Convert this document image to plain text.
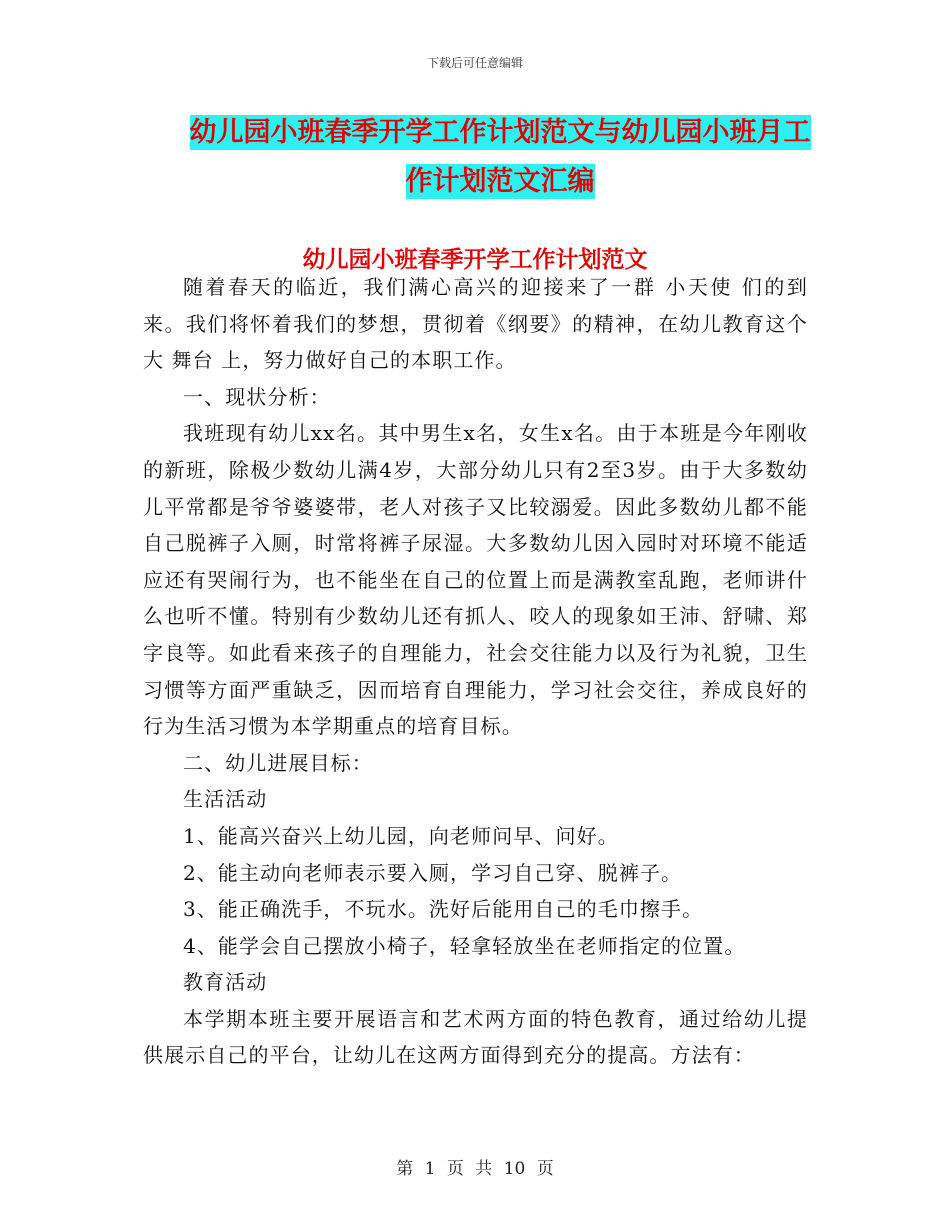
下载后可任意编辑
幼儿园小班春季开学工作计划范文与幼儿园小班月工
作计划范文汇编
幼儿园小班春季开学工作计划范文

随着春天的临近，我们满心高兴的迎接来了一群 小天使 们的到来。我们将怀着我们的梦想，贯彻着《纲要》的精神，在幼儿教育这个大 舞台 上，努力做好自己的本职工作。

一、现状分析：

我班现有幼儿xx名。其中男生x名，女生x名。由于本班是今年刚收的新班，除极少数幼儿满4岁，大部分幼儿只有2至3岁。由于大多数幼儿平常都是爷爷婆婆带，老人对孩子又比较溺爱。因此多数幼儿都不能自己脱裤子入厕，时常将裤子尿湿。大多数幼儿因入园时对环境不能适应还有哭闹行为，也不能坐在自己的位置上而是满教室乱跑，老师讲什么也听不懂。特别有少数幼儿还有抓人、咬人的现象如王沛、舒啸、郑字良等。如此看来孩子的自理能力，社会交往能力以及行为礼貌，卫生习惯等方面严重缺乏，因而培育自理能力，学习社会交往，养成良好的行为生活习惯为本学期重点的培育目标。

二、幼儿进展目标：

生活活动

1、能高兴奋兴上幼儿园，向老师问早、问好。

2、能主动向老师表示要入厕，学习自己穿、脱裤子。

3、能正确洗手，不玩水。洗好后能用自己的毛巾擦手。

4、能学会自己摆放小椅子，轻拿轻放坐在老师指定的位置。

教育活动

本学期本班主要开展语言和艺术两方面的特色教育，通过给幼儿提供展示自己的平台，让幼儿在这两方面得到充分的提高。方法有：

第 1 页 共 10 页
